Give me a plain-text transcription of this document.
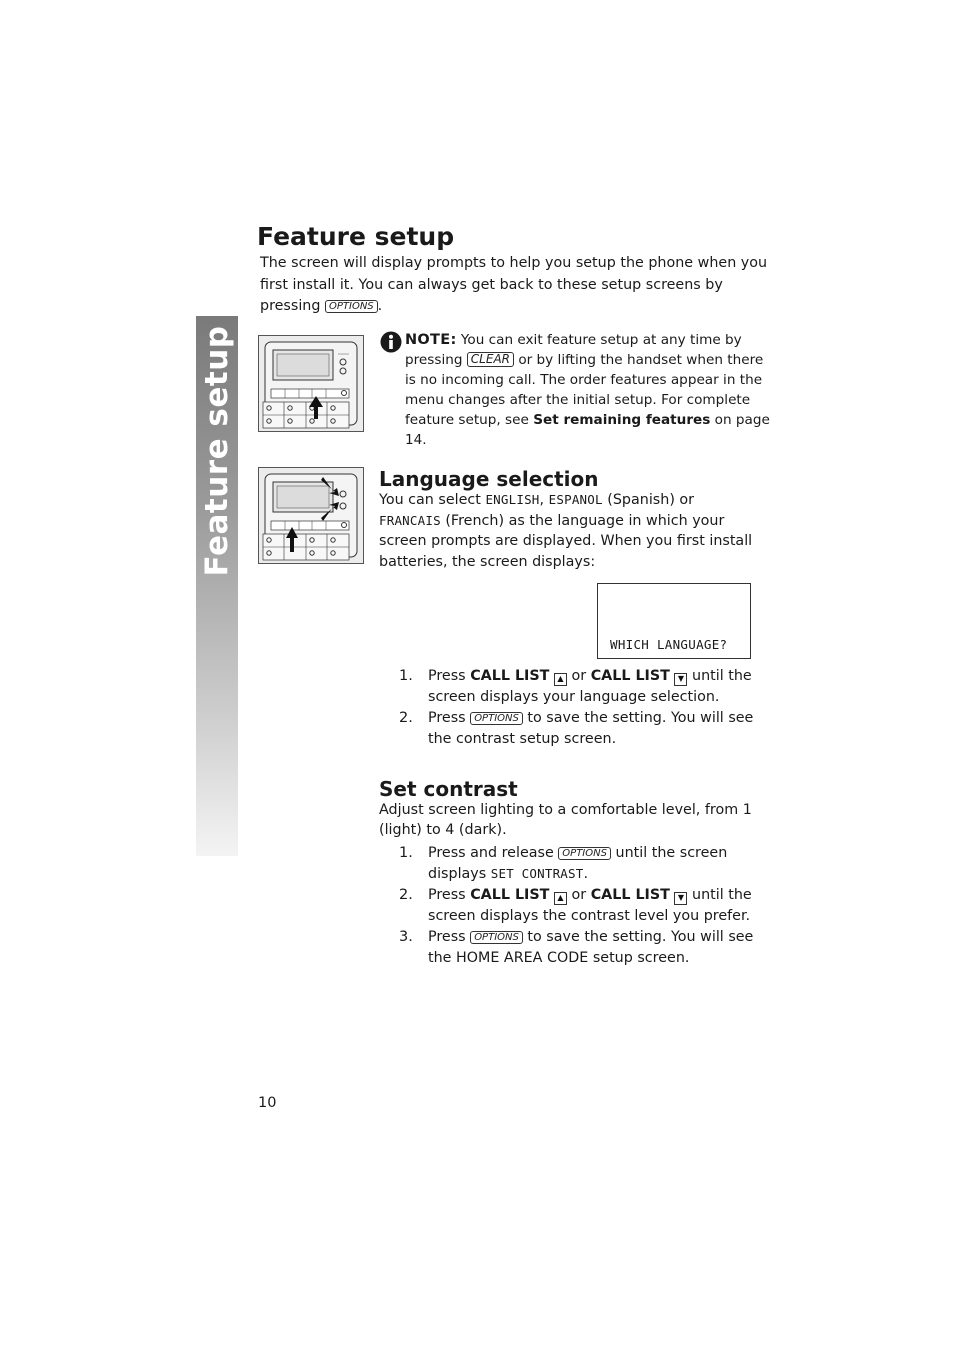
Feature setup
Feature setup
The screen will display prompts to help you setup the phone when you first install it. You can always get back to these setup screens by pressing OPTIONS .
NOTE: You can exit feature setup at any time by pressing CLEAR or by lifting the handset when there is no incoming call. The order features appear in the menu changes after the initial setup. For complete feature setup, see Set remaining features on page 14.
Language selection
You can select ENGLISH, ESPANOL (Spanish) or FRANCAIS (French) as the language in which your screen prompts are displayed. When you first install batteries, the screen displays:
WHICH LANGUAGE?
1. Press CALL LIST ▲ or CALL LIST ▼ until the screen displays your language selection.
2. Press OPTIONS to save the setting. You will see the contrast setup screen.
Set contrast
Adjust screen lighting to a comfortable level, from 1 (light) to 4 (dark).
1. Press and release OPTIONS until the screen displays SET CONTRAST.
2. Press CALL LIST ▲ or CALL LIST ▼ until the screen displays the contrast level you prefer.
3. Press OPTIONS to save the setting. You will see the HOME AREA CODE setup screen.
10
